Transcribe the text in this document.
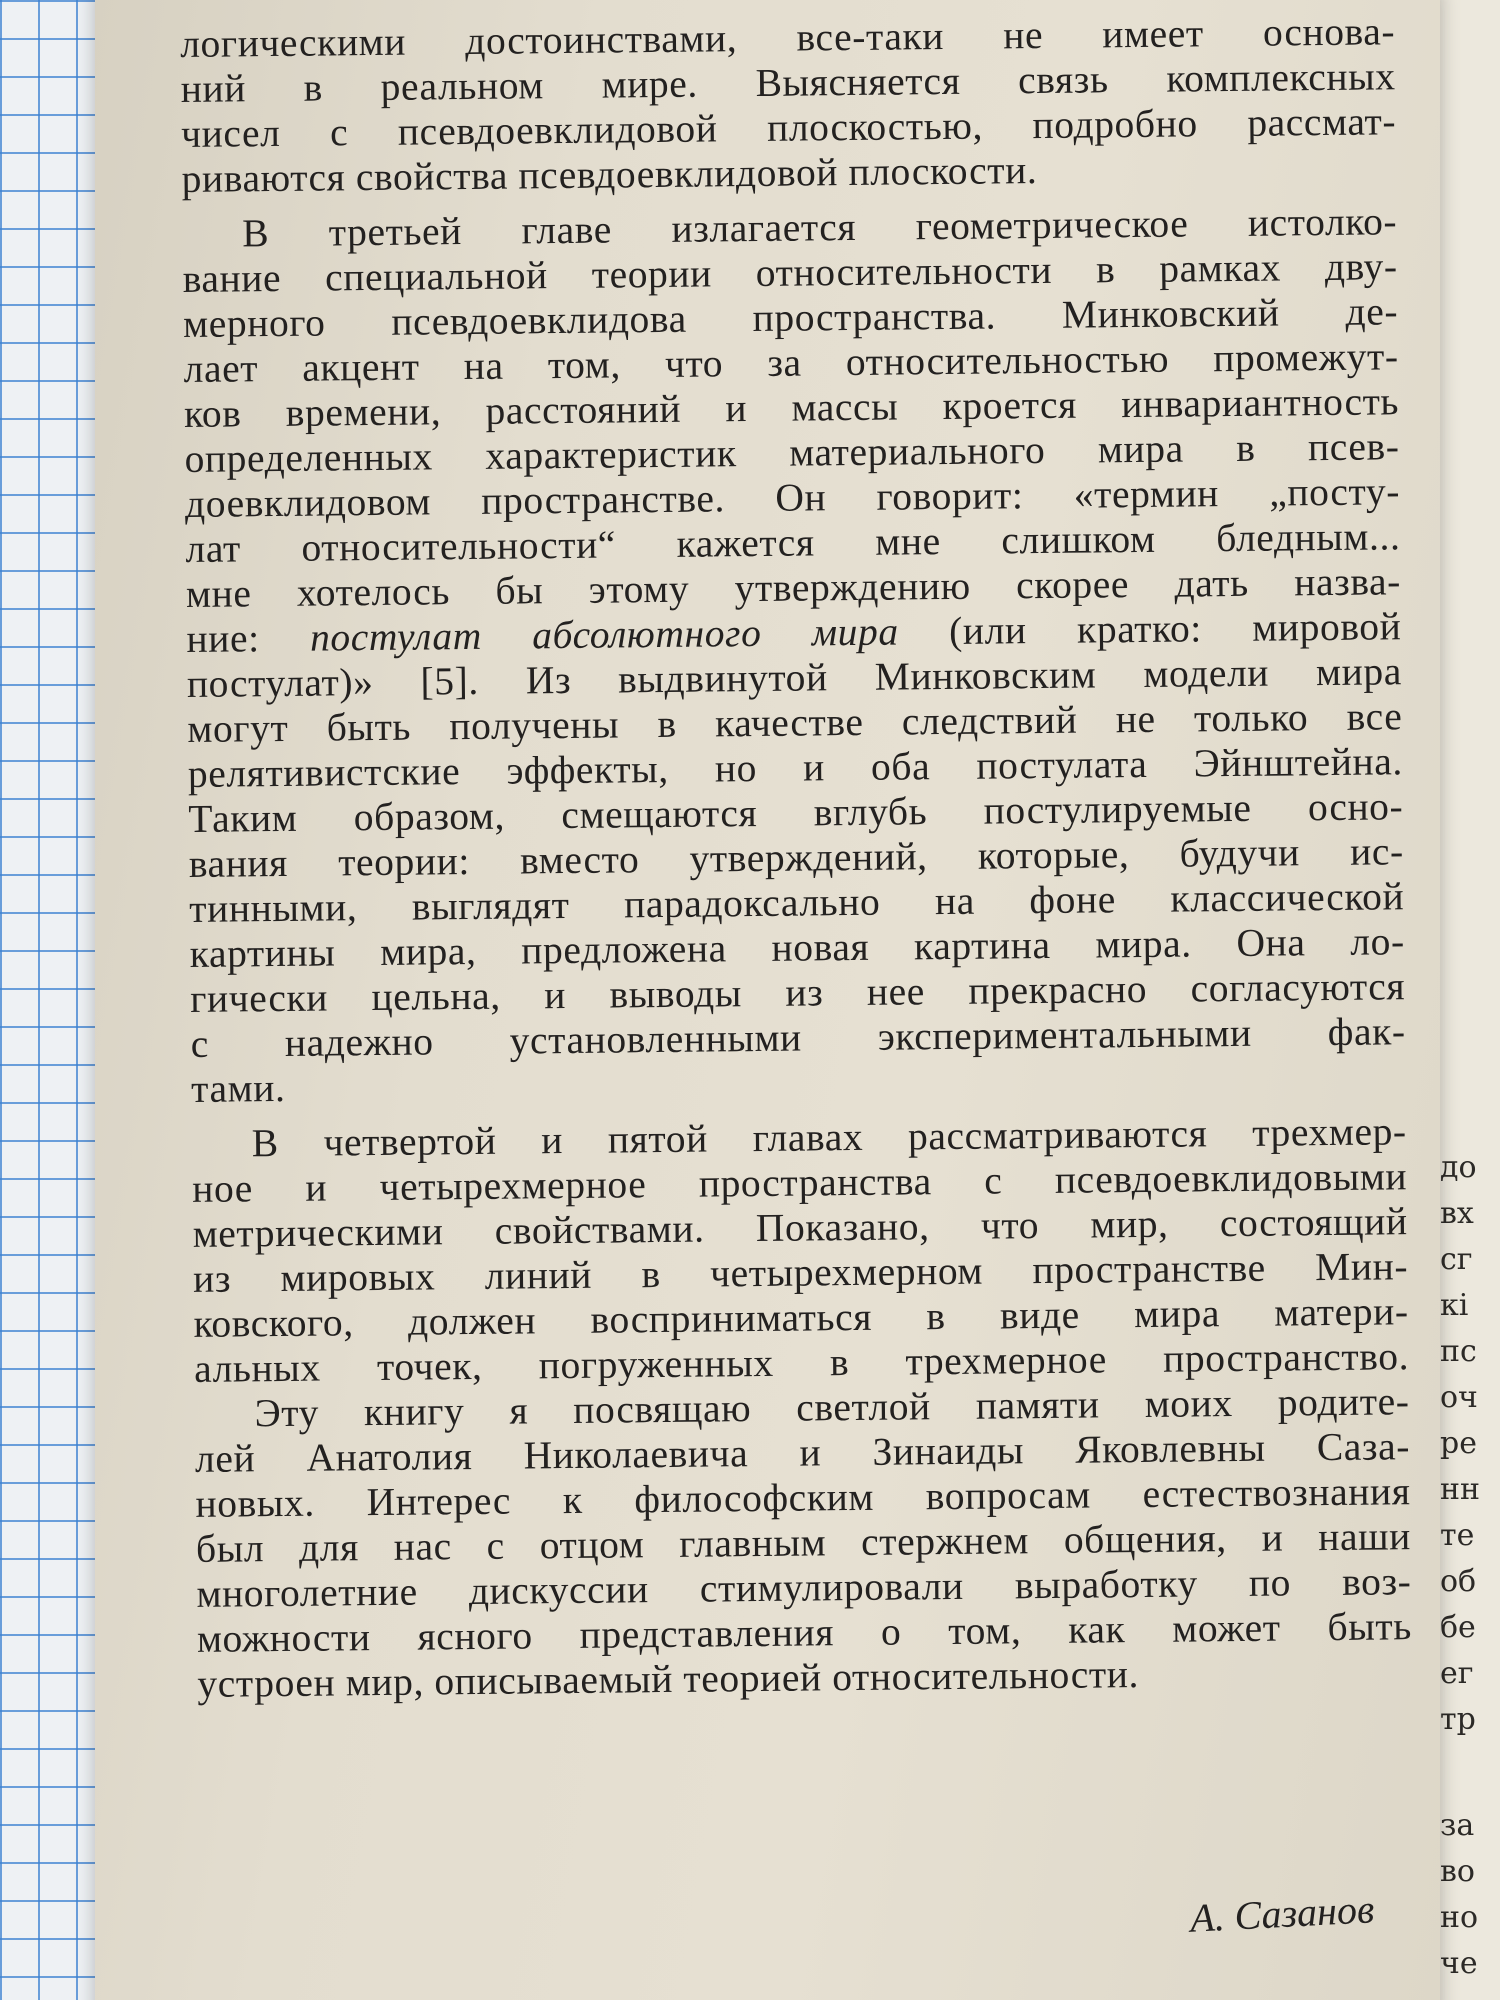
до
вх
сг
кі
пс
оч
ре
нн
те
об
бе
ег
тр
за
во
но
че
логическими достоинствами, все-таки не имеет основа-
ний в реальном мире. Выясняется связь комплексных
чисел с псевдоевклидовой плоскостью, подробно рассмат-
риваются свойства псевдоевклидовой плоскости.
В третьей главе излагается геометрическое истолко-
вание специальной теории относительности в рамках дву-
мерного псевдоевклидова пространства. Минковский де-
лает акцент на том, что за относительностью промежут-
ков времени, расстояний и массы кроется инвариантность
определенных характеристик материального мира в псев-
доевклидовом пространстве. Он говорит: «термин „посту-
лат относительности“ кажется мне слишком бледным...
мне хотелось бы этому утверждению скорее дать назва-
ние: постулат абсолютного мира (или кратко: мировой
постулат)» [5]. Из выдвинутой Минковским модели мира
могут быть получены в качестве следствий не только все
релятивистские эффекты, но и оба постулата Эйнштейна.
Таким образом, смещаются вглубь постулируемые осно-
вания теории: вместо утверждений, которые, будучи ис-
тинными, выглядят парадоксально на фоне классической
картины мира, предложена новая картина мира. Она ло-
гически цельна, и выводы из нее прекрасно согласуются
с надежно установленными экспериментальными фак-
тами.
В четвертой и пятой главах рассматриваются трехмер-
ное и четырехмерное пространства с псевдоевклидовыми
метрическими свойствами. Показано, что мир, состоящий
из мировых линий в четырехмерном пространстве Мин-
ковского, должен восприниматься в виде мира матери-
альных точек, погруженных в трехмерное пространство.
Эту книгу я посвящаю светлой памяти моих родите-
лей Анатолия Николаевича и Зинаиды Яковлевны Саза-
новых. Интерес к философским вопросам естествознания
был для нас с отцом главным стержнем общения, и наши
многолетние дискуссии стимулировали выработку по воз-
можности ясного представления о том, как может быть
устроен мир, описываемый теорией относительности.
А. Сазанов
